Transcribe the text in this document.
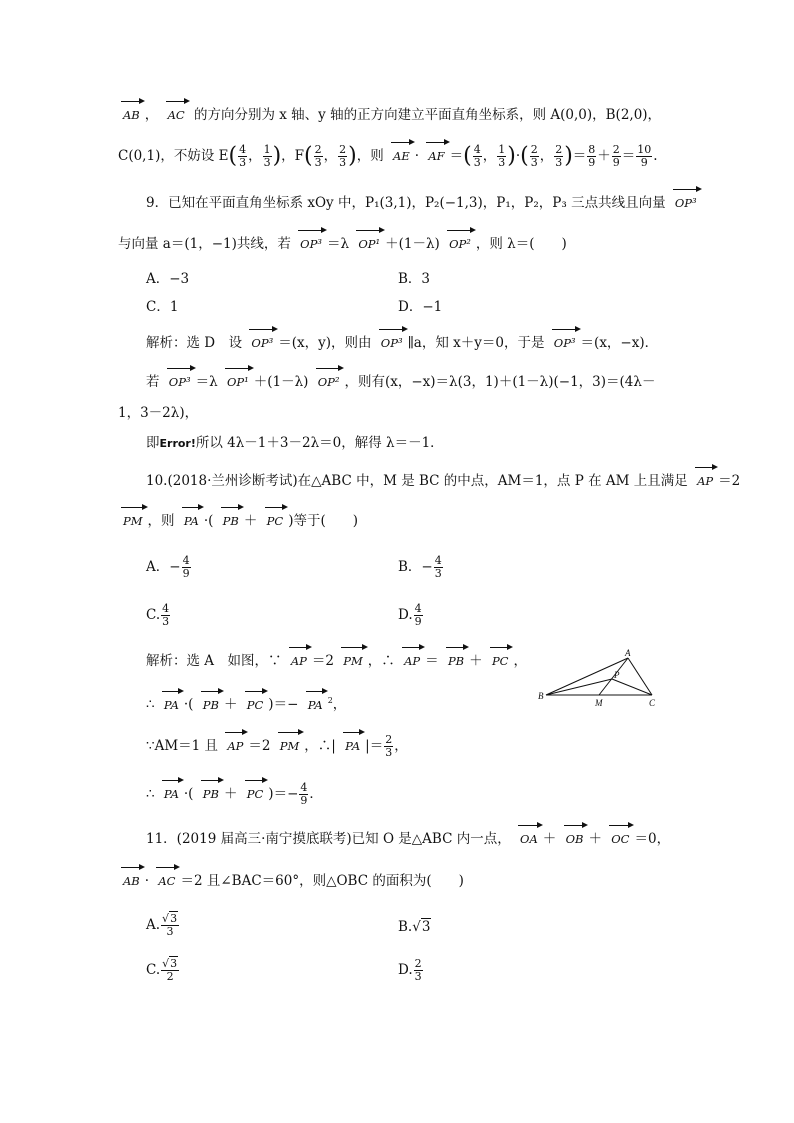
AB ， AC 的方向分别为 x 轴、y 轴的正方向建立平面直角坐标系，则 A(0,0)，B(2,0)，
C(0,1)，不妨设 $E( \frac{4}{3}$ ， $\frac{1}{3}$ )，$F( \frac{2}{3}$ ， $\frac{2}{3}$ )，则 AE · AF ＝( $\frac{4}{3}$ ， $\frac{1}{3}$ )·( $\frac{2}{3}$ ， $\frac{2}{3}$ )＝ $\frac{8}{9} + \frac{2}{9} = \frac{10}{9}$ .
9．已知在平面直角坐标系 xOy 中，P₁(3,1)，P₂(−1,3)，P₁，P₂，P₃ 三点共线且向量 OP³
与向量 a＝(1，−1)共线，若 OP³ ＝λ OP¹ ＋(1－λ) OP² ，则 λ＝(　　)
A．−3	B．3
C．1	D．−1
解析：选 D　设 OP³ ＝(x，y)，则由 OP³ ∥a，知 x＋y＝0，于是 OP³ ＝(x，−x)．
若 OP³ ＝λ OP¹ ＋(1－λ) OP² ，则有(x，−x)＝λ(3，1)＋(1－λ)(−1，3)＝(4λ－
1，3－2λ)，
即Error!所以 4λ－1＋3－2λ＝0，解得 λ＝－1．
10.(2018·兰州诊断考试)在△ABC 中，M 是 BC 的中点，AM＝1，点 P 在 AM 上且满足 AP ＝2
PM ，则 PA ·( PB ＋ PC )等于(　　)
A．− $\frac{4}{9}$	B．− $\frac{4}{3}$
C. $\frac{4}{3}$	D. $\frac{4}{9}$
解析：选 A　如图，∵ AP ＝2 PM ，∴ AP ＝ PB ＋ PC ，
∴ PA ·( PB ＋ PC )＝− PA $^2$，
∵AM＝1 且 AP ＝2 PM ，∴| PA |＝ $\frac{2}{3}$ ，
∴ PA ·( PB ＋ PC )＝− $\frac{4}{9}$ ．
A
B
C
M
P
11．(2019 届高三·南宁摸底联考)已知 O 是△ABC 内一点， OA ＋ OB ＋ OC ＝0，
AB · AC ＝2 且∠BAC＝60°，则△OBC 的面积为(　　)
A. $\frac{√3}{3}$	B.√3
C. $\frac{√3}{2}$	D. $\frac{2}{3}$
